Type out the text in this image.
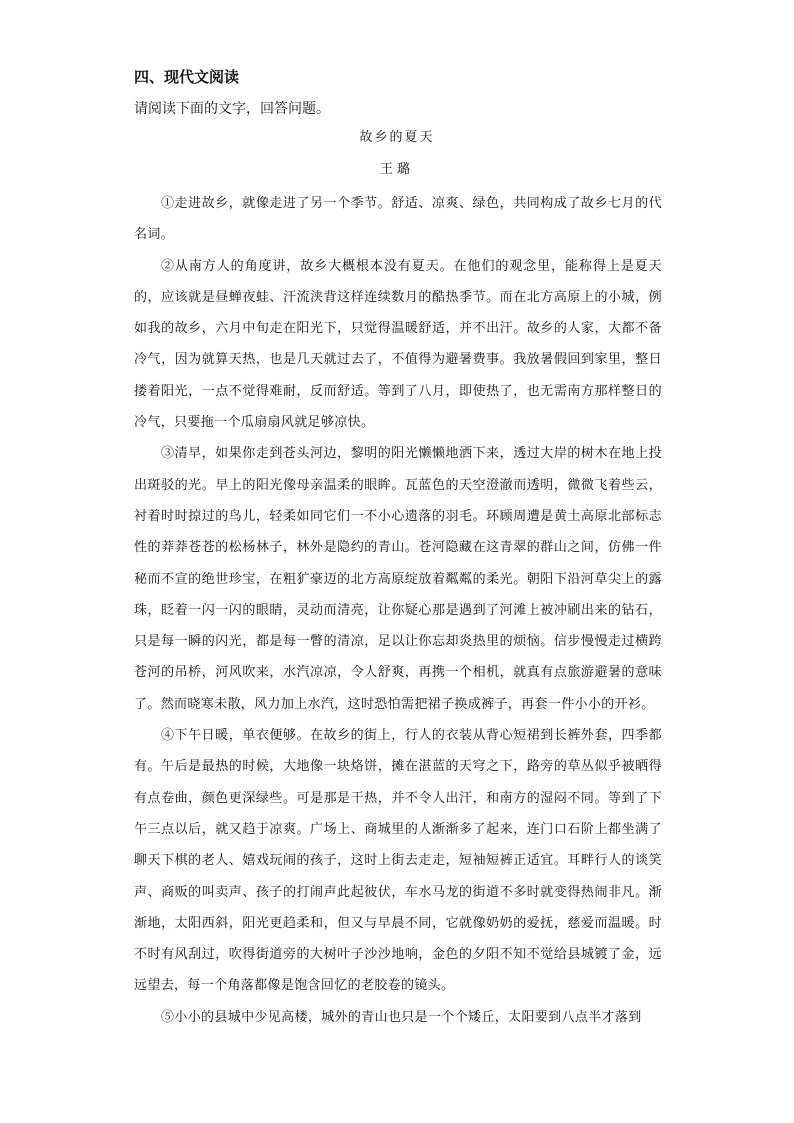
四、现代文阅读
请阅读下面的文字，回答问题。
故乡的夏天
王璐

①走进故乡，就像走进了另一个季节。舒适、凉爽、绿色，共同构成了故乡七月的代名词。

②从南方人的角度讲，故乡大概根本没有夏天。在他们的观念里，能称得上是夏天的，应该就是昼蝉夜蛙、汗流浃背这样连续数月的酷热季节。而在北方高原上的小城，例如我的故乡，六月中旬走在阳光下，只觉得温暖舒适，并不出汗。故乡的人家，大都不备冷气，因为就算天热，也是几天就过去了，不值得为避暑费事。我放暑假回到家里，整日搂着阳光，一点不觉得难耐，反而舒适。等到了八月，即使热了，也无需南方那样整日的冷气，只要拖一个瓜扇扇风就足够凉快。

③清早，如果你走到苍头河边，黎明的阳光懒懒地洒下来，透过大岸的树木在地上投出斑驳的光。早上的阳光像母亲温柔的眼眸。瓦蓝色的天空澄澈而透明，微微飞着些云，衬着时时掠过的鸟儿，轻柔如同它们一不小心遗落的羽毛。环顾周遭是黄土高原北部标志性的莽莽苍苍的松杨林子，林外是隐约的青山。苍河隐藏在这青翠的群山之间，仿佛一件秘而不宣的绝世珍宝，在粗犷豪迈的北方高原绽放着粼粼的柔光。朝阳下沿河草尖上的露珠，眨着一闪一闪的眼睛，灵动而清亮，让你疑心那是遇到了河滩上被冲刷出来的钻石，只是每一瞬的闪光，都是每一瞥的清凉，足以让你忘却炎热里的烦恼。信步慢慢走过横跨苍河的吊桥，河风吹来，水汽凉凉，令人舒爽，再携一个相机，就真有点旅游避暑的意味了。然而晓寒未散，风力加上水汽，这时恐怕需把裙子换成裤子，再套一件小小的开衫。

④下午日暖，单衣便够。在故乡的街上，行人的衣装从背心短裙到长裤外套，四季都有。午后是最热的时候，大地像一块烙饼，摊在湛蓝的天穹之下，路旁的草丛似乎被晒得有点卷曲，颜色更深绿些。可是那是干热，并不令人出汗，和南方的湿闷不同。等到了下午三点以后，就又趋于凉爽。广场上、商城里的人渐渐多了起来，连门口石阶上都坐满了聊天下棋的老人、嬉戏玩闹的孩子，这时上街去走走，短袖短裤正适宜。耳畔行人的谈笑声、商贩的叫卖声、孩子的打闹声此起彼伏，车水马龙的街道不多时就变得热闹非凡。渐渐地，太阳西斜，阳光更趋柔和，但又与早晨不同，它就像奶奶的爱抚，慈爱而温暖。时不时有风刮过，吹得街道旁的大树叶子沙沙地响，金色的夕阳不知不觉给县城镀了金，远远望去，每一个角落都像是饱含回忆的老胶卷的镜头。

⑤小小的县城中少见高楼，城外的青山也只是一个个矮丘，太阳要到八点半才落到
